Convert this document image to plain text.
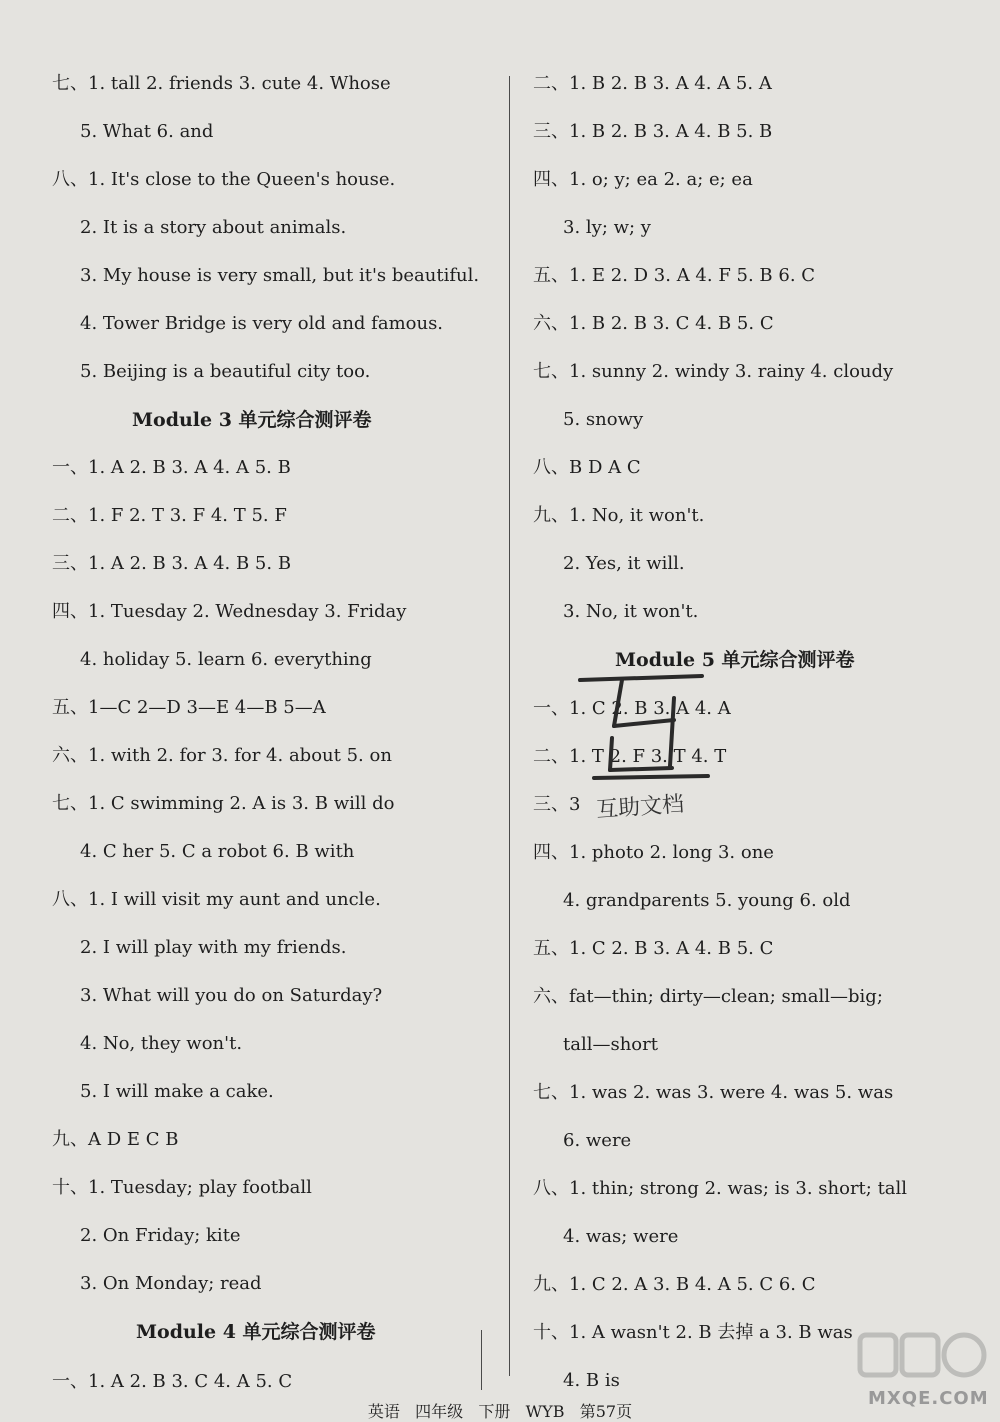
七、1. tall 2. friends 3. cute 4. Whose
5. What 6. and
八、1. It's close to the Queen's house.
2. It is a story about animals.
3. My house is very small, but it's beautiful.
4. Tower Bridge is very old and famous.
5. Beijing is a beautiful city too.
Module 3 单元综合测评卷
一、1. A 2. B 3. A 4. A 5. B
二、1. F 2. T 3. F 4. T 5. F
三、1. A 2. B 3. A 4. B 5. B
四、1. Tuesday 2. Wednesday 3. Friday
4. holiday 5. learn 6. everything
五、1—C 2—D 3—E 4—B 5—A
六、1. with 2. for 3. for 4. about 5. on
七、1. C swimming 2. A is 3. B will do
4. C her 5. C a robot 6. B with
八、1. I will visit my aunt and uncle.
2. I will play with my friends.
3. What will you do on Saturday?
4. No, they won't.
5. I will make a cake.
九、A D E C B
十、1. Tuesday; play football
2. On Friday; kite
3. On Monday; read
Module 4 单元综合测评卷
一、1. A 2. B 3. C 4. A 5. C
二、1. B 2. B 3. A 4. A 5. A
三、1. B 2. B 3. A 4. B 5. B
四、1. o; y; ea 2. a; e; ea
3. ly; w; y
五、1. E 2. D 3. A 4. F 5. B 6. C
六、1. B 2. B 3. C 4. B 5. C
七、1. sunny 2. windy 3. rainy 4. cloudy
5. snowy
八、B D A C
九、1. No, it won't.
2. Yes, it will.
3. No, it won't.
Module 5 单元综合测评卷
一、1. C 2. B 3. A 4. A
二、1. T 2. F 3. T 4. T
三、3
四、1. photo 2. long 3. one
4. grandparents 5. young 6. old
五、1. C 2. B 3. A 4. B 5. C
六、fat—thin; dirty—clean; small—big;
tall—short
七、1. was 2. was 3. were 4. was 5. was
6. were
八、1. thin; strong 2. was; is 3. short; tall
4. was; were
九、1. C 2. A 3. B 4. A 5. C 6. C
十、1. A wasn't 2. B 去掉 a 3. B was
4. B is
互助文档
MXQE.COM
英语   四年级   下册   WYB   第57页
